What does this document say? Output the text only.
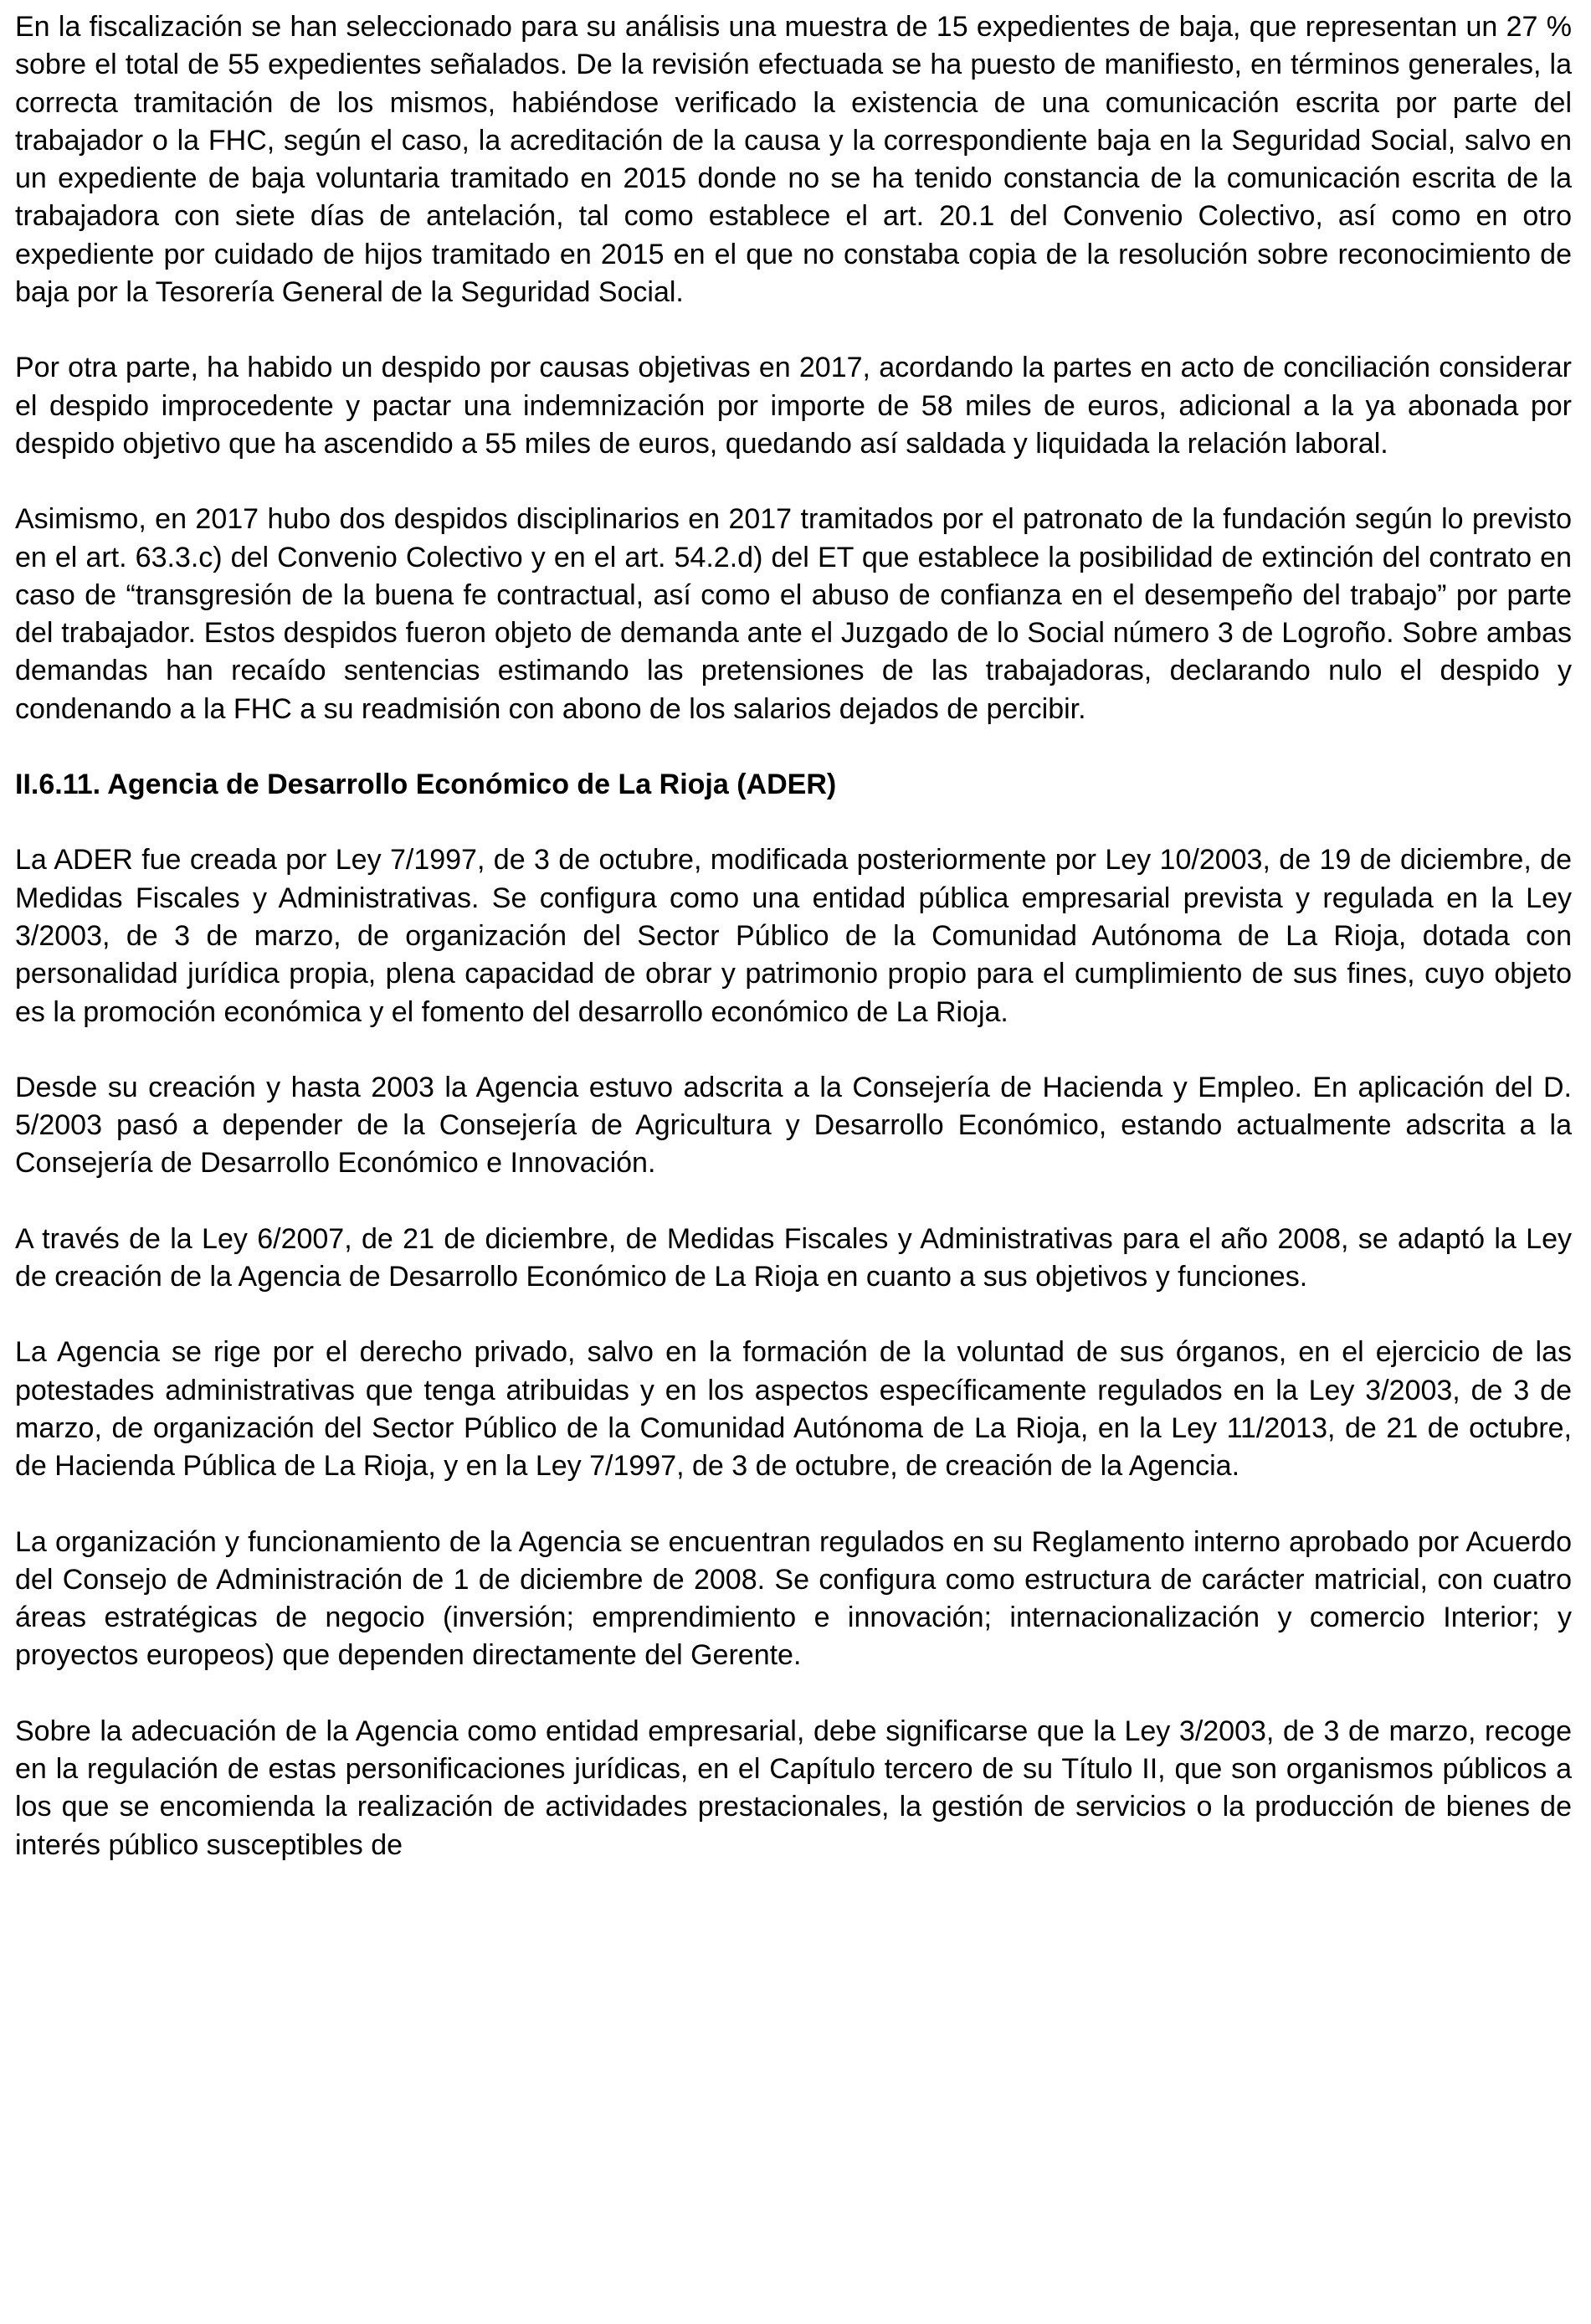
En la fiscalización se han seleccionado para su análisis una muestra de 15 expedientes de baja, que representan un 27 % sobre el total de 55 expedientes señalados. De la revisión efectuada se ha puesto de manifiesto, en términos generales, la correcta tramitación de los mismos, habiéndose verificado la existencia de una comunicación escrita por parte del trabajador o la FHC, según el caso, la acreditación de la causa y la correspondiente baja en la Seguridad Social, salvo en un expediente de baja voluntaria tramitado en 2015 donde no se ha tenido constancia de la comunicación escrita de la trabajadora con siete días de antelación, tal como establece el art. 20.1 del Convenio Colectivo, así como en otro expediente por cuidado de hijos tramitado en 2015 en el que no constaba copia de la resolución sobre reconocimiento de baja por la Tesorería General de la Seguridad Social.

Por otra parte, ha habido un despido por causas objetivas en 2017, acordando la partes en acto de conciliación considerar el despido improcedente y pactar una indemnización por importe de 58 miles de euros, adicional a la ya abonada por despido objetivo que ha ascendido a 55 miles de euros, quedando así saldada y liquidada la relación laboral.

Asimismo, en 2017 hubo dos despidos disciplinarios en 2017 tramitados por el patronato de la fundación según lo previsto en el art. 63.3.c) del Convenio Colectivo y en el art. 54.2.d) del ET que establece la posibilidad de extinción del contrato en caso de “transgresión de la buena fe contractual, así como el abuso de confianza en el desempeño del trabajo” por parte del trabajador. Estos despidos fueron objeto de demanda ante el Juzgado de lo Social número 3 de Logroño. Sobre ambas demandas han recaído sentencias estimando las pretensiones de las trabajadoras, declarando nulo el despido y condenando a la FHC a su readmisión con abono de los salarios dejados de percibir.

II.6.11. Agencia de Desarrollo Económico de La Rioja (ADER)

La ADER fue creada por Ley 7/1997, de 3 de octubre, modificada posteriormente por Ley 10/2003, de 19 de diciembre, de Medidas Fiscales y Administrativas. Se configura como una entidad pública empresarial prevista y regulada en la Ley 3/2003, de 3 de marzo, de organización del Sector Público de la Comunidad Autónoma de La Rioja, dotada con personalidad jurídica propia, plena capacidad de obrar y patrimonio propio para el cumplimiento de sus fines, cuyo objeto es la promoción económica y el fomento del desarrollo económico de La Rioja.

Desde su creación y hasta 2003 la Agencia estuvo adscrita a la Consejería de Hacienda y Empleo. En aplicación del D. 5/2003 pasó a depender de la Consejería de Agricultura y Desarrollo Económico, estando actualmente adscrita a la Consejería de Desarrollo Económico e Innovación.

A través de la Ley 6/2007, de 21 de diciembre, de Medidas Fiscales y Administrativas para el año 2008, se adaptó la Ley de creación de la Agencia de Desarrollo Económico de La Rioja en cuanto a sus objetivos y funciones.

La Agencia se rige por el derecho privado, salvo en la formación de la voluntad de sus órganos, en el ejercicio de las potestades administrativas que tenga atribuidas y en los aspectos específicamente regulados en la Ley 3/2003, de 3 de marzo, de organización del Sector Público de la Comunidad Autónoma de La Rioja, en la Ley 11/2013, de 21 de octubre, de Hacienda Pública de La Rioja, y en la Ley 7/1997, de 3 de octubre, de creación de la Agencia.

La organización y funcionamiento de la Agencia se encuentran regulados en su Reglamento interno aprobado por Acuerdo del Consejo de Administración de 1 de diciembre de 2008. Se configura como estructura de carácter matricial, con cuatro áreas estratégicas de negocio (inversión; emprendimiento e innovación; internacionalización y comercio Interior; y proyectos europeos) que dependen directamente del Gerente.

Sobre la adecuación de la Agencia como entidad empresarial, debe significarse que la Ley 3/2003, de 3 de marzo, recoge en la regulación de estas personificaciones jurídicas, en el Capítulo tercero de su Título II, que son organismos públicos a los que se encomienda la realización de actividades prestacionales, la gestión de servicios o la producción de bienes de interés público susceptibles de
